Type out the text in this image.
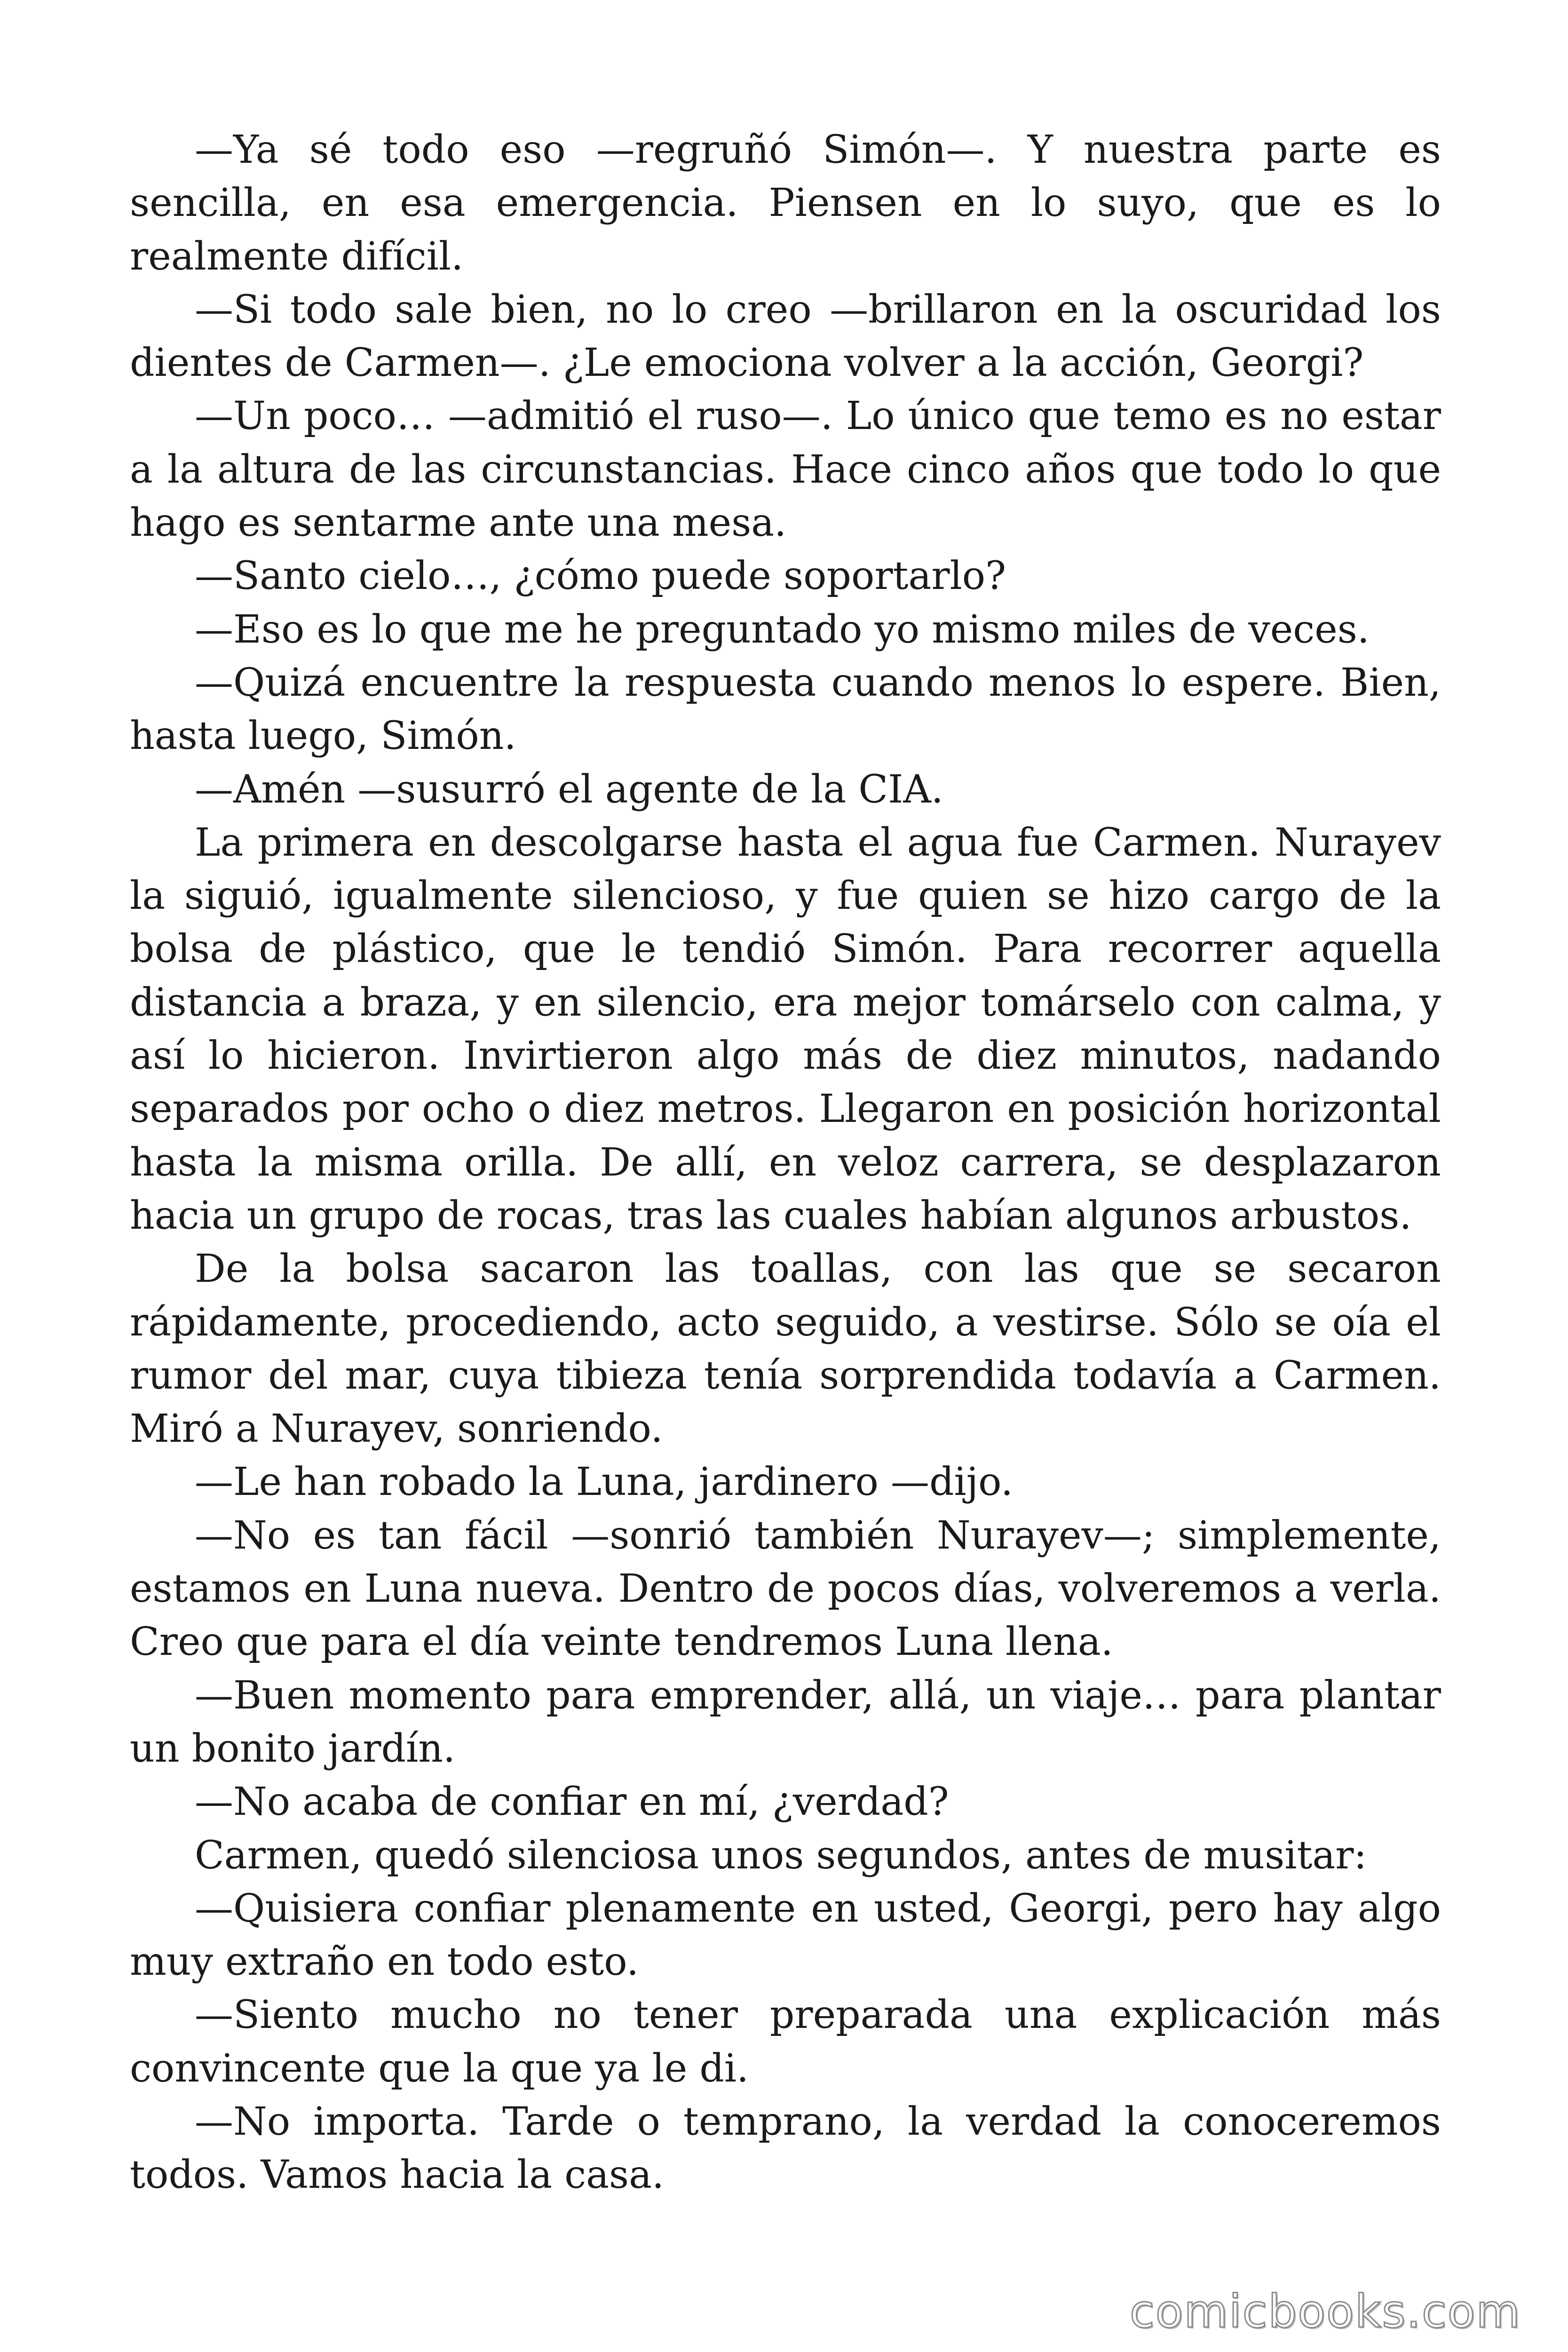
—Ya sé todo eso —regruñó Simón—. Y nuestra parte es sencilla, en esa emergencia. Piensen en lo suyo, que es lo realmente difícil.

—Si todo sale bien, no lo creo —brillaron en la oscuridad los dientes de Carmen—. ¿Le emociona volver a la acción, Georgi?

—Un poco… —admitió el ruso—. Lo único que temo es no estar a la altura de las circunstancias. Hace cinco años que todo lo que hago es sentarme ante una mesa.

—Santo cielo…, ¿cómo puede soportarlo?

—Eso es lo que me he preguntado yo mismo miles de veces.

—Quizá encuentre la respuesta cuando menos lo espere. Bien, hasta luego, Simón.

—Amén —susurró el agente de la CIA.

La primera en descolgarse hasta el agua fue Carmen. Nurayev la siguió, igualmente silencioso, y fue quien se hizo cargo de la bolsa de plástico, que le tendió Simón. Para recorrer aquella distancia a braza, y en silencio, era mejor tomárselo con calma, y así lo hicieron. Invirtieron algo más de diez minutos, nadando separados por ocho o diez metros. Llegaron en posición horizontal hasta la misma orilla. De allí, en veloz carrera, se desplazaron hacia un grupo de rocas, tras las cuales habían algunos arbustos.

De la bolsa sacaron las toallas, con las que se secaron rápidamente, procediendo, acto seguido, a vestirse. Sólo se oía el rumor del mar, cuya tibieza tenía sorprendida todavía a Carmen. Miró a Nurayev, sonriendo.

—Le han robado la Luna, jardinero —dijo.

—No es tan fácil —sonrió también Nurayev—; simplemente, estamos en Luna nueva. Dentro de pocos días, volveremos a verla. Creo que para el día veinte tendremos Luna llena.

—Buen momento para emprender, allá, un viaje… para plantar un bonito jardín.

—No acaba de confiar en mí, ¿verdad?

Carmen, quedó silenciosa unos segundos, antes de musitar:

—Quisiera confiar plenamente en usted, Georgi, pero hay algo muy extraño en todo esto.

—Siento mucho no tener preparada una explicación más convincente que la que ya le di.

—No importa. Tarde o temprano, la verdad la conoceremos todos. Vamos hacia la casa.

comicbooks.com
